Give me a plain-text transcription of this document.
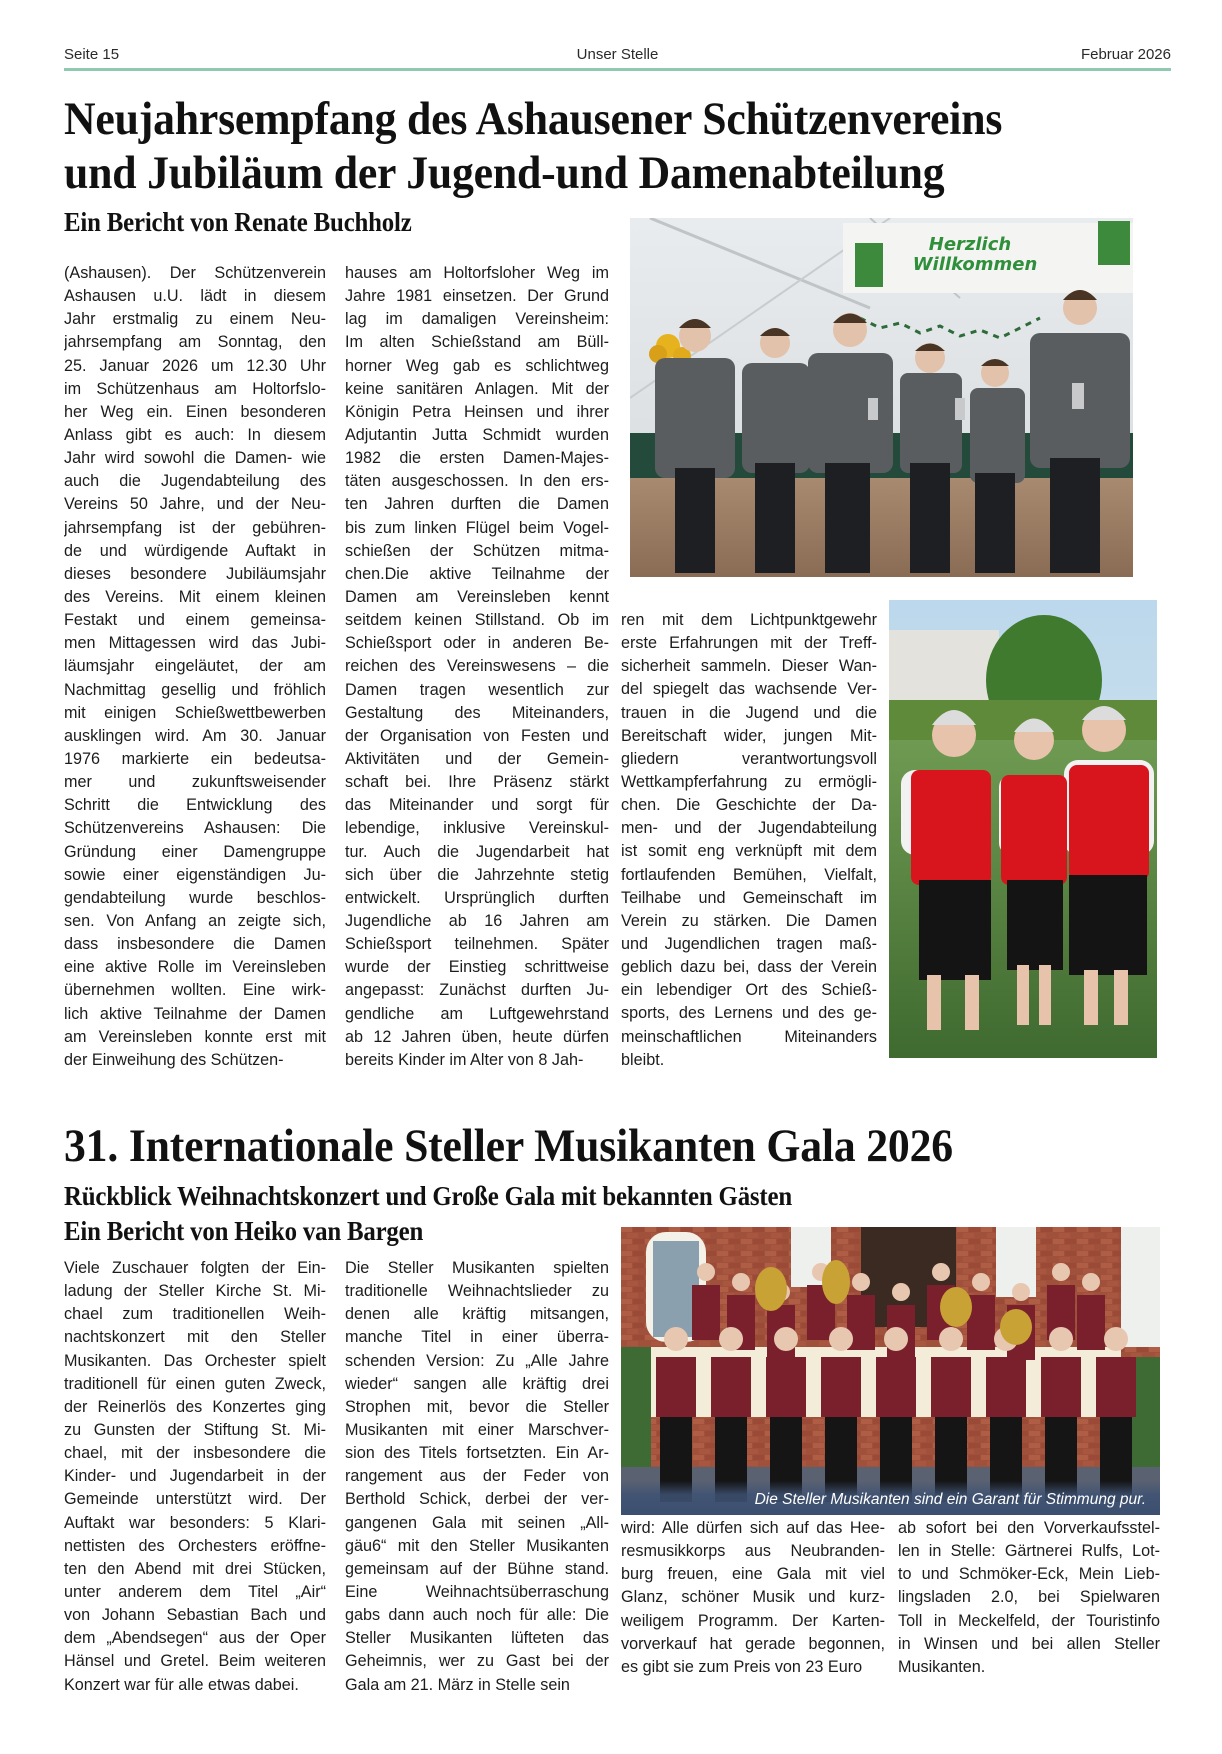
Seite 15	Unser Stelle	Februar 2026
Neujahrsempfang des Ashausener Schützenvereins
und Jubiläum der Jugend-und Damenabteilung
Ein Bericht von Renate Buchholz
(Ashausen). Der Schützenverein
Ashausen u.U. lädt in diesem
Jahr erstmalig zu einem Neu-
jahrsempfang am Sonntag, den
25. Januar 2026 um 12.30 Uhr
im Schützenhaus am Holtorfslo-
her Weg ein. Einen besonderen
Anlass gibt es auch: In diesem
Jahr wird sowohl die Damen- wie
auch die Jugendabteilung des
Vereins 50 Jahre, und der Neu-
jahrsempfang ist der gebühren-
de und würdigende Auftakt in
dieses besondere Jubiläumsjahr
des Vereins. Mit einem kleinen
Festakt und einem gemeinsa-
men Mittagessen wird das Jubi-
läumsjahr eingeläutet, der am
Nachmittag gesellig und fröhlich
mit einigen Schießwettbewerben
ausklingen wird. Am 30. Januar
1976 markierte ein bedeutsa-
mer und zukunftsweisender
Schritt die Entwicklung des
Schützenvereins Ashausen: Die
Gründung einer Damengruppe
sowie einer eigenständigen Ju-
gendabteilung wurde beschlos-
sen. Von Anfang an zeigte sich,
dass insbesondere die Damen
eine aktive Rolle im Vereinsleben
übernehmen wollten. Eine wirk-
lich aktive Teilnahme der Damen
am Vereinsleben konnte erst mit
der Einweihung des Schützen-
hauses am Holtorfsloher Weg im
Jahre 1981 einsetzen. Der Grund
lag im damaligen Vereinsheim:
Im alten Schießstand am Büll-
horner Weg gab es schlichtweg
keine sanitären Anlagen. Mit der
Königin Petra Heinsen und ihrer
Adjutantin Jutta Schmidt wurden
1982 die ersten Damen-Majes-
täten ausgeschossen. In den ers-
ten Jahren durften die Damen
bis zum linken Flügel beim Vogel-
schießen der Schützen mitma-
chen.Die aktive Teilnahme der
Damen am Vereinsleben kennt
seitdem keinen Stillstand. Ob im
Schießsport oder in anderen Be-
reichen des Vereinswesens – die
Damen tragen wesentlich zur
Gestaltung des Miteinanders,
der Organisation von Festen und
Aktivitäten und der Gemein-
schaft bei. Ihre Präsenz stärkt
das Miteinander und sorgt für
lebendige, inklusive Vereinskul-
tur. Auch die Jugendarbeit hat
sich über die Jahrzehnte stetig
entwickelt. Ursprünglich durften
Jugendliche ab 16 Jahren am
Schießsport teilnehmen. Später
wurde der Einstieg schrittweise
angepasst: Zunächst durften Ju-
gendliche am Luftgewehrstand
ab 12 Jahren üben, heute dürfen
bereits Kinder im Alter von 8 Jah-
ren mit dem Lichtpunktgewehr
erste Erfahrungen mit der Treff-
sicherheit sammeln. Dieser Wan-
del spiegelt das wachsende Ver-
trauen in die Jugend und die
Bereitschaft wider, jungen Mit-
gliedern verantwortungsvoll
Wettkampferfahrung zu ermögli-
chen. Die Geschichte der Da-
men- und der Jugendabteilung
ist somit eng verknüpft mit dem
fortlaufenden Bemühen, Vielfalt,
Teilhabe und Gemeinschaft im
Verein zu stärken. Die Damen
und Jugendlichen tragen maß-
geblich dazu bei, dass der Verein
ein lebendiger Ort des Schieß-
sports, des Lernens und des ge-
meinschaftlichen Miteinanders
bleibt.
Herzlich
Willkommen
31. Internationale Steller Musikanten Gala 2026
Rückblick Weihnachtskonzert und Große Gala mit bekannten Gästen
Ein Bericht von Heiko van Bargen
Viele Zuschauer folgten der Ein-
ladung der Steller Kirche St. Mi-
chael zum traditionellen Weih-
nachtskonzert mit den Steller
Musikanten. Das Orchester spielt
traditionell für einen guten Zweck,
der Reinerlös des Konzertes ging
zu Gunsten der Stiftung St. Mi-
chael, mit der insbesondere die
Kinder- und Jugendarbeit in der
Gemeinde unterstützt wird. Der
Auftakt war besonders: 5 Klari-
nettisten des Orchesters eröffne-
ten den Abend mit drei Stücken,
unter anderem dem Titel „Air“
von Johann Sebastian Bach und
dem „Abendsegen“ aus der Oper
Hänsel und Gretel. Beim weiteren
Konzert war für alle etwas dabei.
Die Steller Musikanten spielten
traditionelle Weihnachtslieder zu
denen alle kräftig mitsangen,
manche Titel in einer überra-
schenden Version: Zu „Alle Jahre
wieder“ sangen alle kräftig drei
Strophen mit, bevor die Steller
Musikanten mit einer Marschver-
sion des Titels fortsetzten. Ein Ar-
rangement aus der Feder von
Berthold Schick, derbei der ver-
gangenen Gala mit seinen „All-
gäu6“ mit den Steller Musikanten
gemeinsam auf der Bühne stand.
Eine Weihnachtsüberraschung
gabs dann auch noch für alle: Die
Steller Musikanten lüfteten das
Geheimnis, wer zu Gast bei der
Gala am 21. März in Stelle sein
wird: Alle dürfen sich auf das Hee-
resmusikkorps aus Neubranden-
burg freuen, eine Gala mit viel
Glanz, schöner Musik und kurz-
weiligem Programm. Der Karten-
vorverkauf hat gerade begonnen,
es gibt sie zum Preis von 23 Euro
ab sofort bei den Vorverkaufsstel-
len in Stelle: Gärtnerei Rulfs, Lot-
to und Schmöker-Eck, Mein Lieb-
lingsladen 2.0, bei Spielwaren
Toll in Meckelfeld, der Touristinfo
in Winsen und bei allen Steller
Musikanten.
Die Steller Musikanten sind ein Garant für Stimmung pur.
